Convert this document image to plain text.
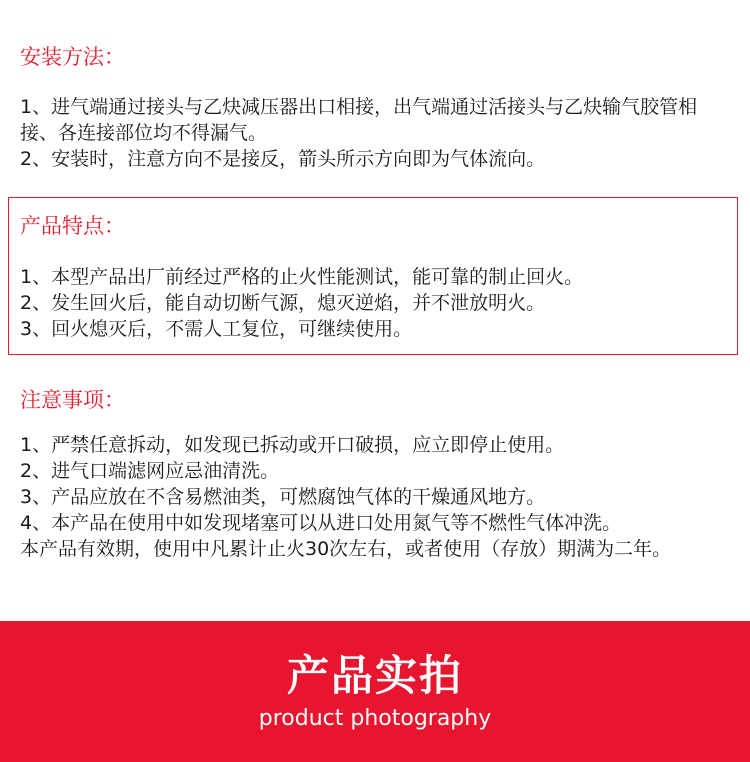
安装方法：

1、进气端通过接头与乙炔减压器出口相接，出气端通过活接头与乙炔输气胶管相接、各连接部位均不得漏气。

2、安装时，注意方向不是接反，箭头所示方向即为气体流向。

产品特点：

1、本型产品出厂前经过严格的止火性能测试，能可靠的制止回火。

2、发生回火后，能自动切断气源，熄灭逆焰，并不泄放明火。

3、回火熄灭后，不需人工复位，可继续使用。

注意事项：

1、严禁任意拆动，如发现已拆动或开口破损，应立即停止使用。

2、进气口端滤网应忌油清洗。

3、产品应放在不含易燃油类，可燃腐蚀气体的干燥通风地方。

4、本产品在使用中如发现堵塞可以从进口处用氮气等不燃性气体冲洗。

本产品有效期，使用中凡累计止火30次左右，或者使用（存放）期满为二年。

产品实拍
product photography
